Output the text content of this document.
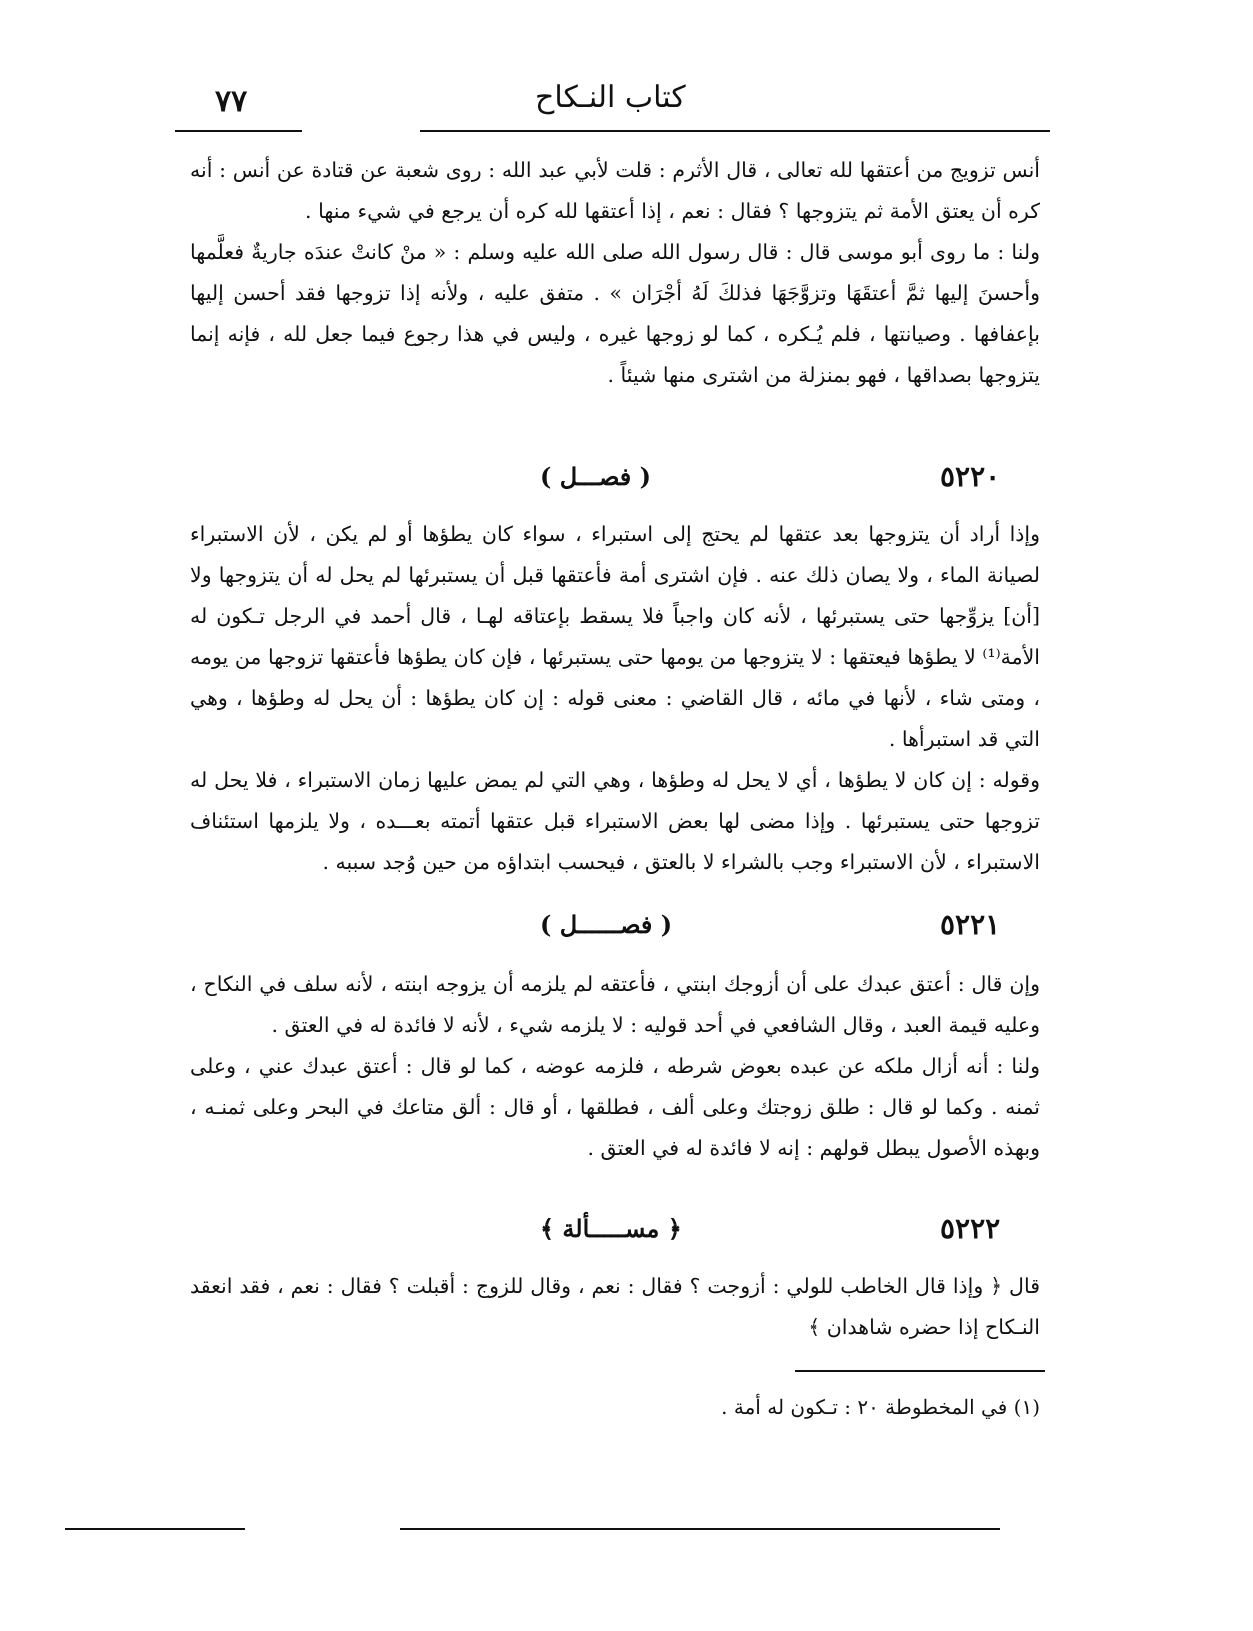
٧٧	كتاب النـكاح

أنس تزويج من أعتقها لله تعالى ، قال الأثرم : قلت لأبي عبد الله : روى شعبة عن قتادة عن أنس : أنه كره أن يعتق الأمة ثم يتزوجها ؟ فقال : نعم ، إذا أعتقها لله كره أن يرجع في شيء منها .

ولنا : ما روى أبو موسى قال : قال رسول الله صلى الله عليه وسلم : « منْ كانتْ عندَه جاريةٌ فعلَّمها وأحسنَ إليها ثمَّ أعتقَهَا وتزوَّجَهَا فذلكَ لَهُ أجْرَان » . متفق عليه ، ولأنه إذا تزوجها فقد أحسن إليها بإعفافها . وصيانتها ، فلم يُـكره ، كما لو زوجها غيره ، وليس في هذا رجوع فيما جعل لله ، فإنه إنما يتزوجها بصداقها ، فهو بمنزلة من اشترى منها شيئاً .

٥٢٢٠
( فصـــل )

وإذا أراد أن يتزوجها بعد عتقها لم يحتج إلى استبراء ، سواء كان يطؤها أو لم يكن ، لأن الاستبراء لصيانة الماء ، ولا يصان ذلك عنه . فإن اشترى أمة فأعتقها قبل أن يستبرئها لم يحل له أن يتزوجها ولا [أن] يزوِّجها حتى يستبرئها ، لأنه كان واجباً فلا يسقط بإعتاقه لهـا ، قال أحمد في الرجل تـكون له الأمة⁽¹⁾ لا يطؤها فيعتقها : لا يتزوجها من يومها حتى يستبرئها ، فإن كان يطؤها فأعتقها تزوجها من يومه ، ومتى شاء ، لأنها في مائه ، قال القاضي : معنى قوله : إن كان يطؤها : أن يحل له وطؤها ، وهي التي قد استبرأها .

وقوله : إن كان لا يطؤها ، أي لا يحل له وطؤها ، وهي التي لم يمض عليها زمان الاستبراء ، فلا يحل له تزوجها حتى يستبرئها . وإذا مضى لها بعض الاستبراء قبل عتقها أتمته بعـــده ، ولا يلزمها استئناف الاستبراء ، لأن الاستبراء وجب بالشراء لا بالعتق ، فيحسب ابتداؤه من حين وُجد سببه .

٥٢٢١
( فصــــــل )

وإن قال : أعتق عبدك على أن أزوجك ابنتي ، فأعتقه لم يلزمه أن يزوجه ابنته ، لأنه سلف في النكاح ، وعليه قيمة العبد ، وقال الشافعي في أحد قوليه : لا يلزمه شيء ، لأنه لا فائدة له في العتق .

ولنا : أنه أزال ملكه عن عبده بعوض شرطه ، فلزمه عوضه ، كما لو قال : أعتق عبدك عني ، وعلى ثمنه . وكما لو قال : طلق زوجتك وعلى ألف ، فطلقها ، أو قال : ألق متاعك في البحر وعلى ثمنـه ، وبهذه الأصول يبطل قولهم : إنه لا فائدة له في العتق .

٥٢٢٢
﴿ مســـــألة ﴾

قال ﴿ وإذا قال الخاطب للولي : أزوجت ؟ فقال : نعم ، وقال للزوج : أقبلت ؟ فقال : نعم ، فقد انعقد النـكاح إذا حضره شاهدان ﴾

(١) في المخطوطة ٢٠ : تـكون له أمة .
